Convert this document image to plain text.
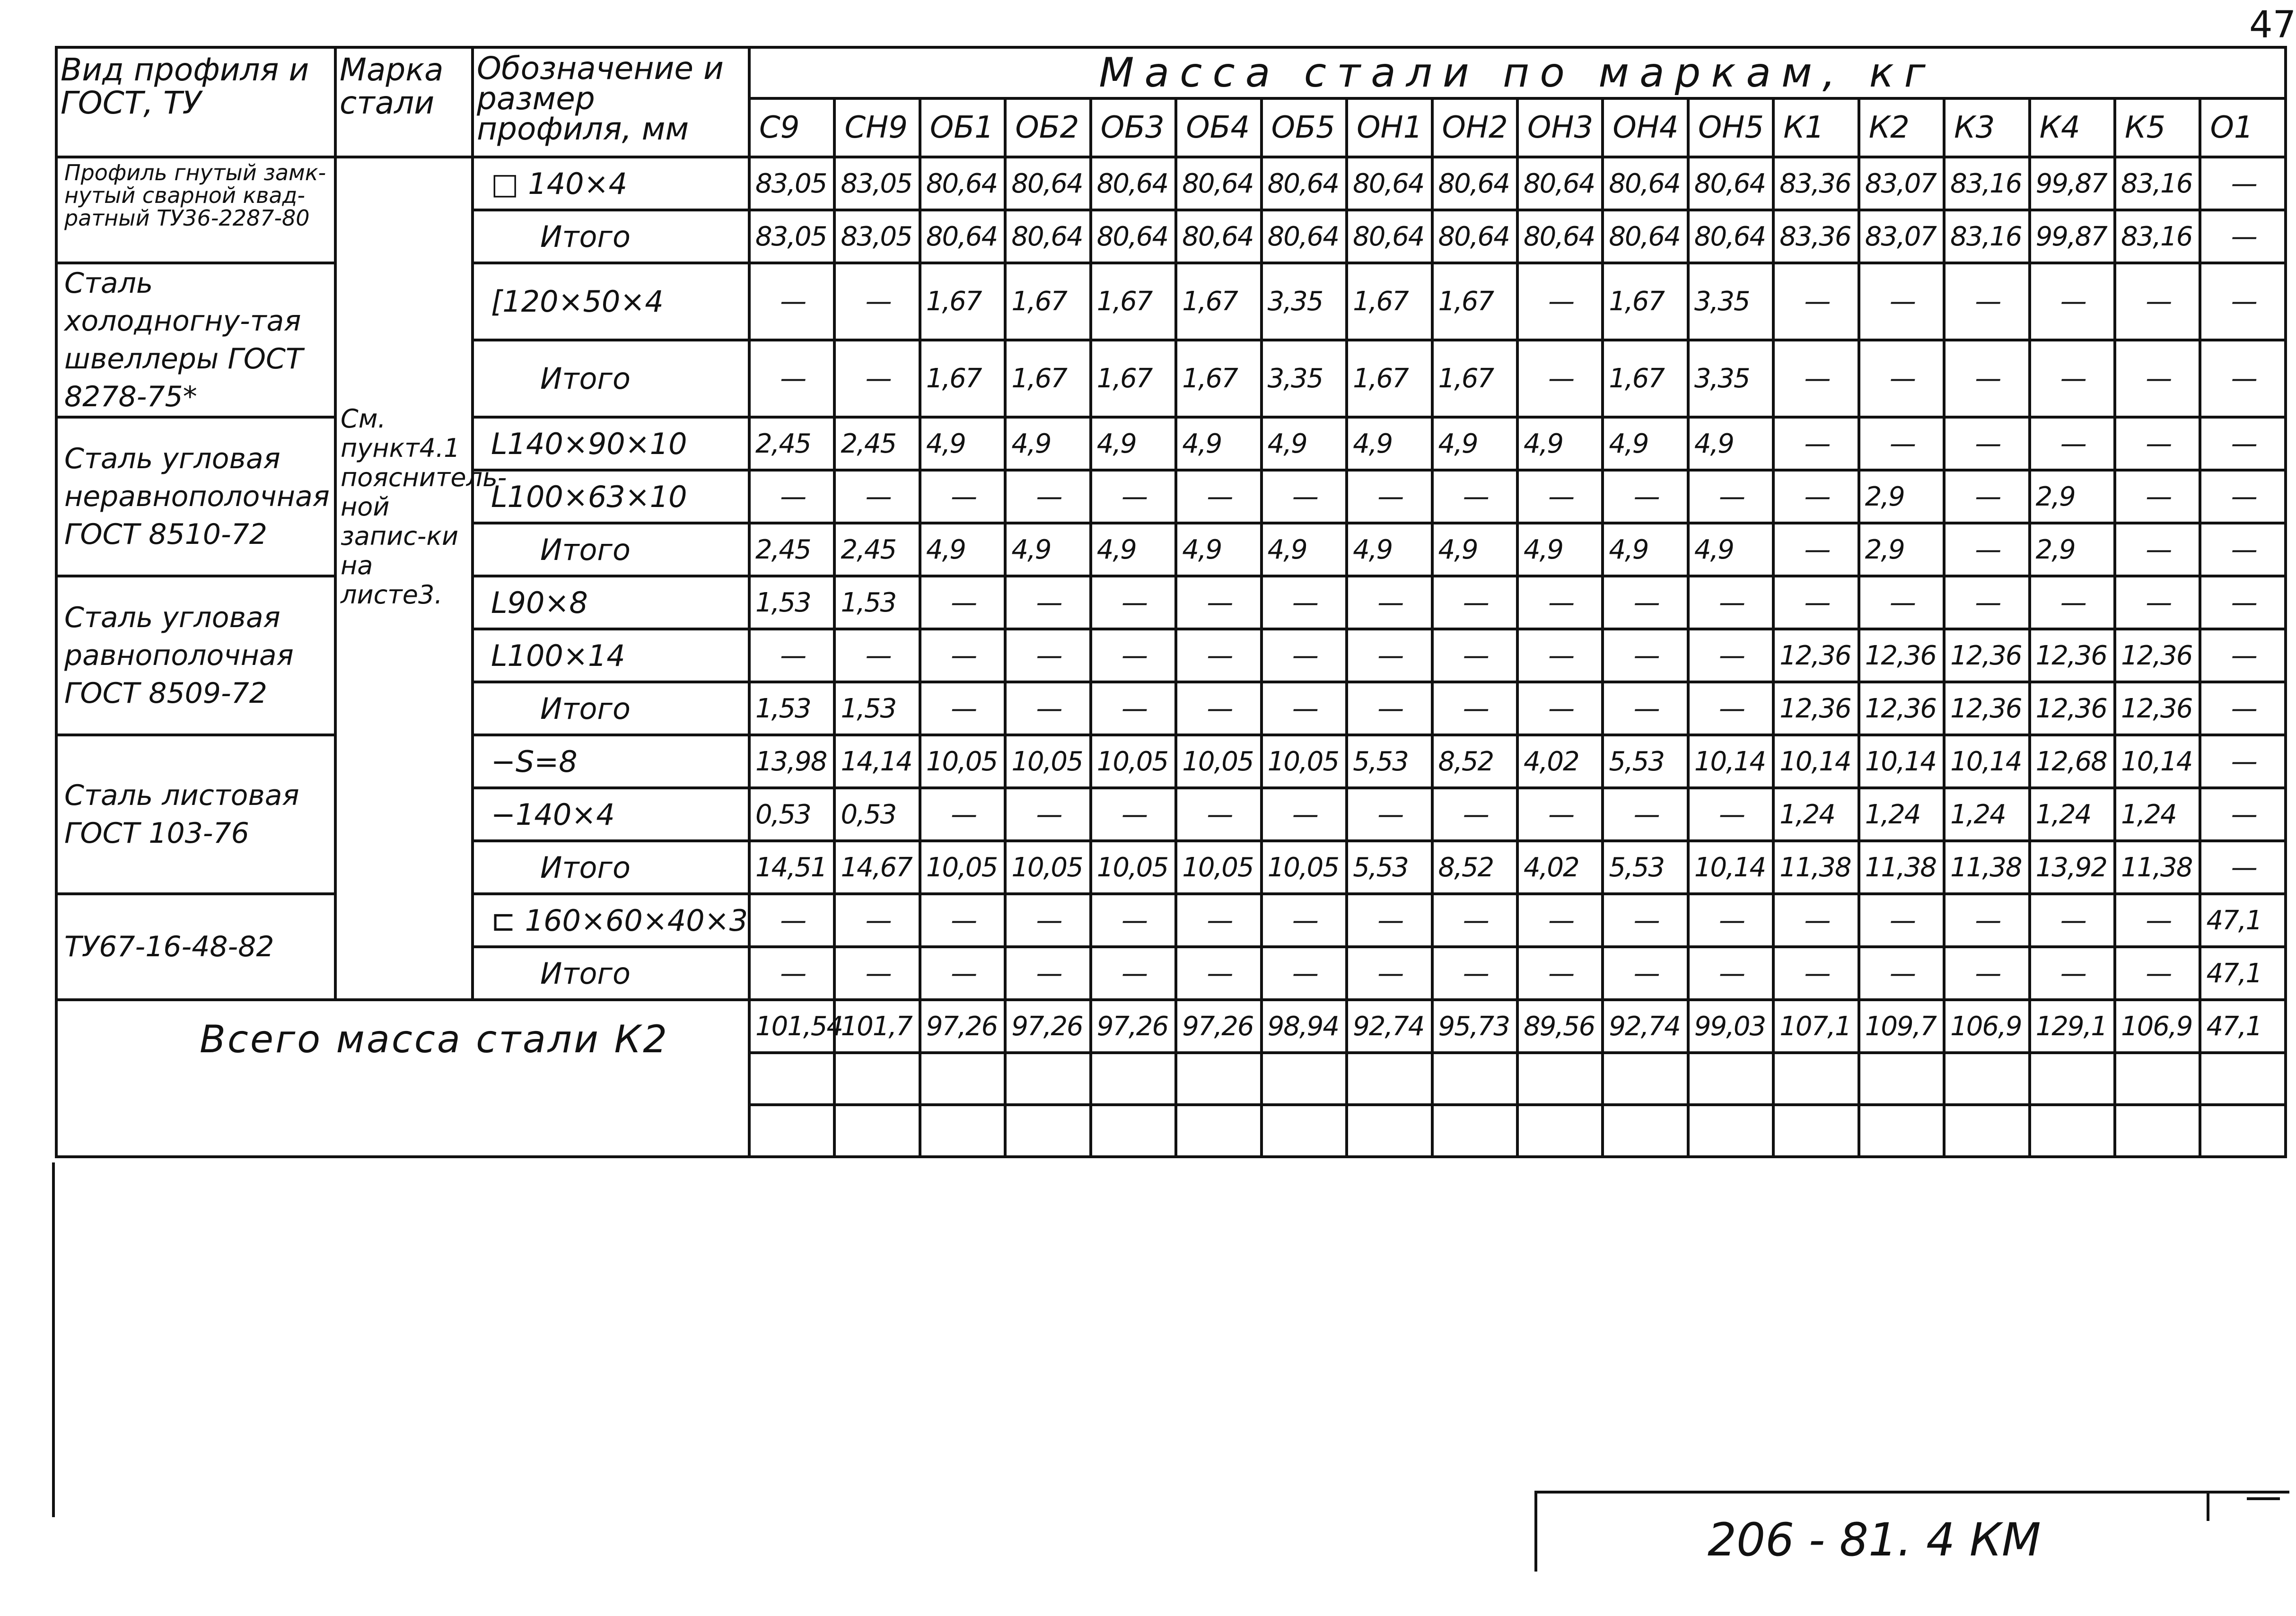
47
Вид профиля и ГОСТ, ТУ	Марка стали	Обозначение и размер профиля, мм	Масса стали по маркам, кг																	
			С9	СН9	ОБ1	ОБ2	ОБ3	ОБ4	ОБ5	ОН1	ОН2	ОН3	ОН4	ОН5	К1	К2	К3	К4	К5	О1
Профиль гнутый замк-нутый сварной квад-ратный ТУ36-2287-80	См. пункт4.1 пояснитель-ной запис-ки на листе3.	□ 140×4	83,05	83,05	80,64	80,64	80,64	80,64	80,64	80,64	80,64	80,64	80,64	80,64	83,36	83,07	83,16	99,87	83,16	—
		Итого	83,05	83,05	80,64	80,64	80,64	80,64	80,64	80,64	80,64	80,64	80,64	80,64	83,36	83,07	83,16	99,87	83,16	—
Сталь холодногну-тая швеллеры ГОСТ 8278-75*		[120×50×4	—	—	1,67	1,67	1,67	1,67	3,35	1,67	1,67	—	1,67	3,35	—	—	—	—	—	—
		Итого	—	—	1,67	1,67	1,67	1,67	3,35	1,67	1,67	—	1,67	3,35	—	—	—	—	—	—
Сталь угловая неравнополочная ГОСТ 8510-72		L140×90×10	2,45	2,45	4,9	4,9	4,9	4,9	4,9	4,9	4,9	4,9	4,9	4,9	—	—	—	—	—	—
		L100×63×10	—	—	—	—	—	—	—	—	—	—	—	—	—	2,9	—	2,9	—	—
		Итого	2,45	2,45	4,9	4,9	4,9	4,9	4,9	4,9	4,9	4,9	4,9	4,9	—	2,9	—	2,9	—	—
Сталь угловая равнополочная ГОСТ 8509-72		L90×8	1,53	1,53	—	—	—	—	—	—	—	—	—	—	—	—	—	—	—	—
		L100×14	—	—	—	—	—	—	—	—	—	—	—	—	12,36	12,36	12,36	12,36	12,36	—
		Итого	1,53	1,53	—	—	—	—	—	—	—	—	—	—	12,36	12,36	12,36	12,36	12,36	—
Сталь листовая ГОСТ 103-76		−S=8	13,98	14,14	10,05	10,05	10,05	10,05	10,05	5,53	8,52	4,02	5,53	10,14	10,14	10,14	10,14	12,68	10,14	—
		−140×4	0,53	0,53	—	—	—	—	—	—	—	—	—	—	1,24	1,24	1,24	1,24	1,24	—
		Итого	14,51	14,67	10,05	10,05	10,05	10,05	10,05	5,53	8,52	4,02	5,53	10,14	11,38	11,38	11,38	13,92	11,38	—
ТУ67-16-48-82		⊏ 160×60×40×3	—	—	—	—	—	—	—	—	—	—	—	—	—	—	—	—	—	47,1
		Итого	—	—	—	—	—	—	—	—	—	—	—	—	—	—	—	—	—	47,1
Всего масса стали К2			101,54	101,7	97,26	97,26	97,26	97,26	98,94	92,74	95,73	89,56	92,74	99,03	107,1	109,7	106,9	129,1	106,9	47,1

206 - 81. 4 КМ
